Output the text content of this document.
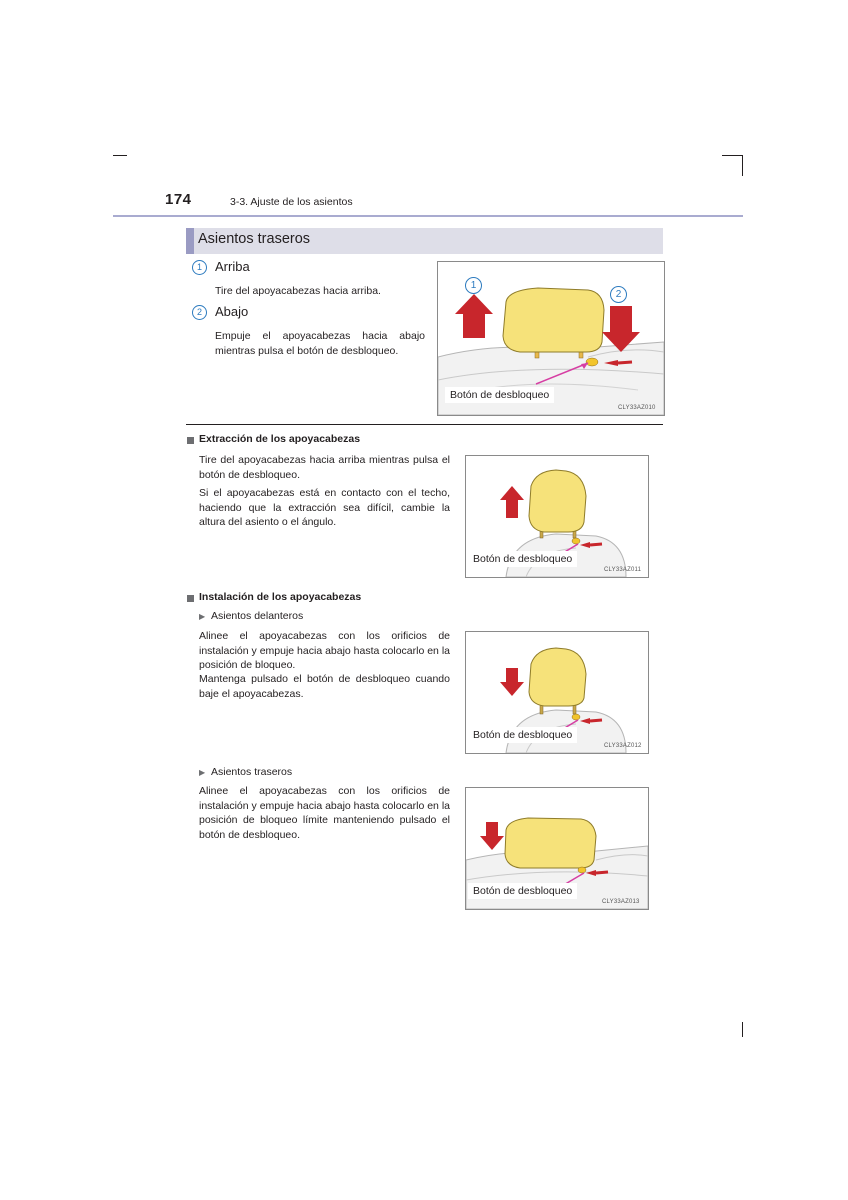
174	3-3. Ajuste de los asientos
Asientos traseros
1	Arriba
Tire del apoyacabezas hacia arriba.
2	Abajo
Empuje el apoyacabezas hacia abajo mientras pulsa el botón de desbloqueo.
1
2
Botón de desbloqueo
CLY33AZ010
Extracción de los apoyacabezas
Tire del apoyacabezas hacia arriba mientras pulsa el botón de desbloqueo.
Si el apoyacabezas está en contacto con el techo, haciendo que la extracción sea difícil, cambie la altura del asiento o el ángulo.
Botón de desbloqueo
CLY33AZ011
Instalación de los apoyacabezas
▶ Asientos delanteros
Alinee el apoyacabezas con los orificios de instalación y empuje hacia abajo hasta colocarlo en la posición de bloqueo.
Mantenga pulsado el botón de desbloqueo cuando baje el apoyacabezas.
Botón de desbloqueo
CLY33AZ012
▶ Asientos traseros
Alinee el apoyacabezas con los orificios de instalación y empuje hacia abajo hasta colocarlo en la posición de bloqueo límite manteniendo pulsado el botón de desbloqueo.
Botón de desbloqueo
CLY33AZ013
